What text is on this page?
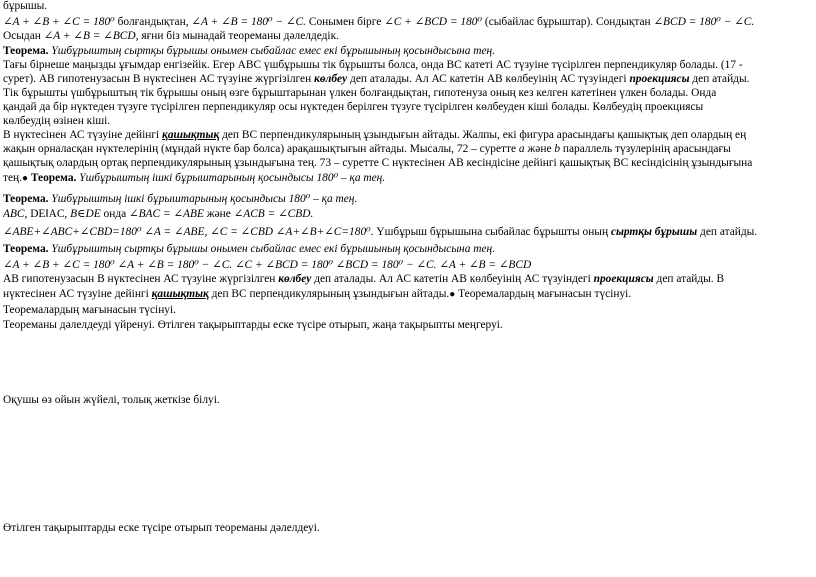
бұрышы.
∠A + ∠B + ∠C = 180⁰ болғандықтан, ∠A + ∠B = 180⁰ − ∠C. Сонымен бірге ∠C + ∠BCD = 180⁰ (сыбайлас бұрыштар). Сондықтан ∠BCD = 180⁰ − ∠C.
Осыдан ∠A + ∠B = ∠BCD, яғни біз мынадай теореманы дәлелдедік.
Теорема. Үшбұрыштың сыртқы бұрышы онымен сыбайлас емес екі бұрышының қосындысына тең.
Тағы бірнеше маңызды ұғымдар енгізейік. Егер АВС үшбұрышы тік бұрышты болса, онда ВС катеті АС түзуіне түсірілген перпендикуляр болады. (17 -
сурет). АВ гипотенузасын В нүктесінен АС түзуіне жүргізілген көлбеу деп аталады. Ал АС катетін АВ көлбеуінің АС түзуіндегі проекциясы деп атайды.
Тік бұрышты үшбұрыштың тік бұрышы оның өзге бұрыштарынан үлкен болғандықтан, гипотенуза оның кез келген катетінен үлкен болады. Онда
қандай да бір нүктеден түзуге түсірілген перпендикуляр осы нүктеден берілген түзуге түсірілген көлбеуден кіші болады. Көлбеудің проекциясы
көлбеудің өзінен кіші.
В нүктесінен АС түзуіне дейінгі қашықтық деп ВС перпендикулярының ұзындығын айтады. Жалпы, екі фигура арасындағы қашықтық деп олардың ең
жақын орналасқан нүктелерінің (мұндай нүкте бар болса) арақашықтығын айтады. Мысалы, 72 – суретте а және b параллель түзулерінің арасындағы
қашықтық олардың ортақ перпендикулярының ұзындығына тең. 73 – суретте С нүктесінен АВ кесіндісіне дейінгі қашықтық ВС кесіндісінің ұзындығына
тең.● Теорема. Үшбұрыштың ішкі бұрыштарының қосындысы 180⁰ – қа тең.
Теорема. Үшбұрыштың ішкі бұрыштарының қосындысы 180⁰ – қа тең.
ABC, DE‖AC, B∈DE онда ∠BAC = ∠ABE және ∠ACB = ∠CBD.
∠ABE+∠ABC+∠CBD=180⁰ ∠A = ∠ABE, ∠C = ∠CBD ∠A+∠B+∠C=180⁰. Үшбұрыш бұрышына сыбайлас бұрышты оның сыртқы бұрышы деп атайды.
Теорема. Үшбұрыштың сыртқы бұрышы онымен сыбайлас емес екі бұрышының қосындысына тең.
∠A + ∠B + ∠C = 180⁰ ∠A + ∠B = 180⁰ − ∠C. ∠C + ∠BCD = 180⁰ ∠BCD = 180⁰ − ∠C. ∠A + ∠B = ∠BCD
АВ гипотенузасын В нүктесінен АС түзуіне жүргізілген көлбеу деп аталады. Ал АС катетін АВ көлбеуінің АС түзуіндегі проекциясы деп атайды. В
нүктесінен АС түзуіне дейінгі қашықтық деп ВС перпендикулярының ұзындығын айтады.● Теоремалардың мағынасын түсінуі.
Теоремалардың мағынасын түсінуі.
Теореманы дәлелдеуді үйренуі. Өтілген тақырыптарды еске түсіре отырып, жаңа тақырыпты меңгеруі.
Оқушы өз ойын жүйелі, толық жеткізе білуі.
Өтілген тақырыптарды еске түсіре отырып теореманы дәлелдеуі.
